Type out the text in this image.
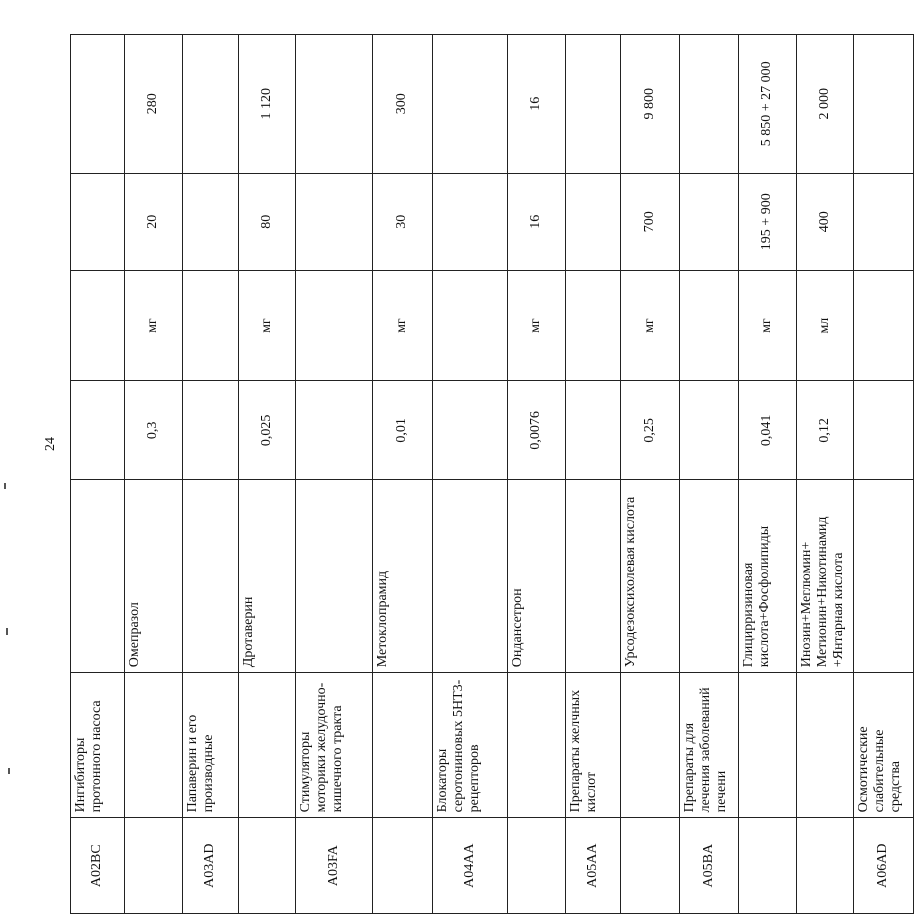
24
A02BC	Ингибиторы протонного насоса					
		Омепразол	0,3	мг	20	280
A03AD	Папаверин и его производные					
		Дротаверин	0,025	мг	80	1 120
A03FA	Стимуляторы моторики желудочно-кишечного тракта					
		Метоклопрамид	0,01	мг	30	300
A04AA	Блокаторы серотониновых 5HT3-рецепторов					
		Ондансетрон	0,0076	мг	16	16
A05AA	Препараты желчных кислот					
		Урсодезоксихолевая кислота	0,25	мг	700	9 800
A05BA	Препараты для лечения заболеваний печени					
		Глицирризиновая кислота+Фосфолипиды	0,041	мг	195 + 900	5 850 + 27 000
		Инозин+Меглюмин+ Метионин+Никотинамид +Янтарная кислота	0,12	мл	400	2 000
A06AD	Осмотические слабительные средства					
